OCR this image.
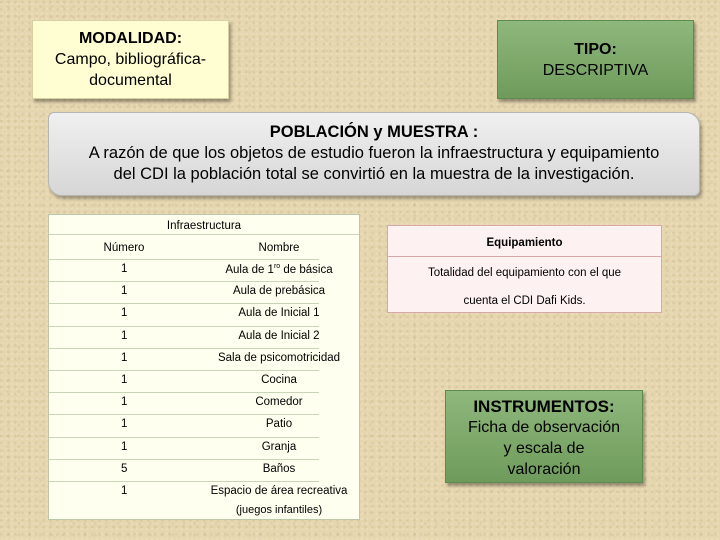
MODALIDAD:
Campo, bibliográfica-
documental
TIPO:
DESCRIPTIVA
POBLACIÓN y MUESTRA :
A razón de que los objetos de estudio fueron la infraestructura y equipamiento
del CDI la población total se convirtió en la muestra de la investigación.
Infraestructura
Número	Nombre
1	Aula de $1^{ro}$ de básica
1	Aula de prebásica
1	Aula de Inicial 1
1	Aula de Inicial 2
1	Sala de psicomotricidad
1	Cocina
1	Comedor
1	Patio
1	Granja
5	Baños
1	Espacio de área recreativa
(juegos infantiles)
Equipamiento
Totalidad del equipamiento con el que
cuenta el CDI Dafi Kids.
INSTRUMENTOS:
Ficha de observación
y escala de
valoración
